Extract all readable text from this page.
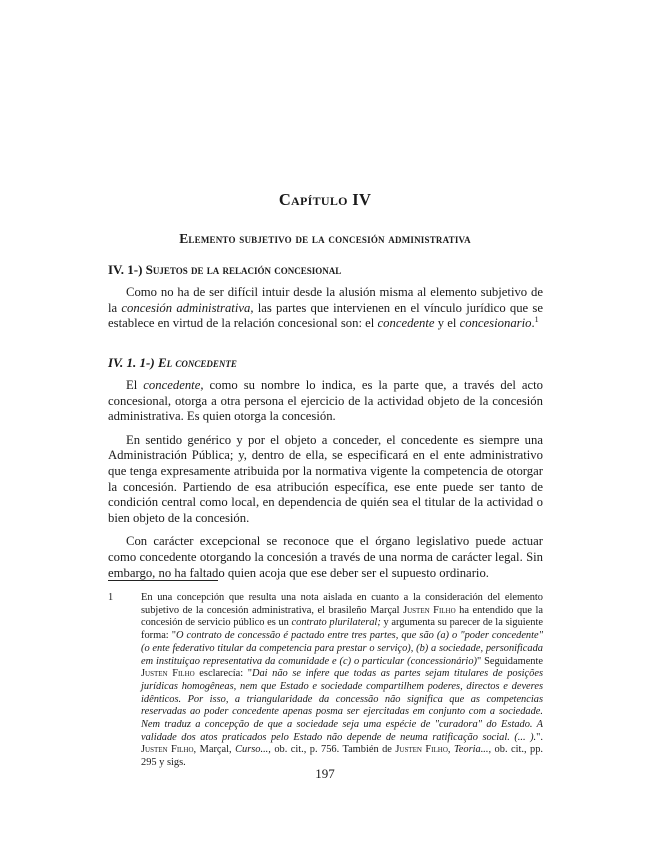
Capítulo IV
Elemento subjetivo de la concesión administrativa
IV. 1-) Sujetos de la relación concesional

Como no ha de ser difícil intuir desde la alusión misma al elemento subjetivo de la concesión administrativa, las partes que intervienen en el vínculo jurídico que se establece en virtud de la relación concesional son: el concedente y el concesionario.$^1$

IV. 1. 1-) El concedente

El concedente, como su nombre lo indica, es la parte que, a través del acto concesional, otorga a otra persona el ejercicio de la actividad objeto de la concesión administrativa. Es quien otorga la concesión.

En sentido genérico y por el objeto a conceder, el concedente es siempre una Administración Pública; y, dentro de ella, se especificará en el ente administrativo que tenga expresamente atribuida por la normativa vigente la competencia de otorgar la concesión. Partiendo de esa atribución específica, ese ente puede ser tanto de condición central como local, en dependencia de quién sea el titular de la actividad o bien objeto de la concesión.

Con carácter excepcional se reconoce que el órgano legislativo puede actuar como concedente otorgando la concesión a través de una norma de carácter legal. Sin embargo, no ha faltado quien acoja que ese deber ser el supuesto ordinario.

1	En una concepción que resulta una nota aislada en cuanto a la consideración del elemento subjetivo de la concesión administrativa, el brasileño Marçal Justen Filho ha entendido que la concesión de servicio público es un contrato plurilateral; y argumenta su parecer de la siguiente forma: "O contrato de concessão é pactado entre tres partes, que são (a) o "poder concedente" (o ente federativo titular da competencia para prestar o serviço), (b) a sociedade, personificada em instituiçao representativa da comunidade e (c) o particular (concessionário)" Seguidamente Justen Filho esclarecía: "Dai não se infere que todas as partes sejam titulares de posições jurídicas homogêneas, nem que Estado e sociedade compartilhem poderes, directos e deveres idênticos. Por isso, a triangularidade da concessão não significa que as competencias reservadas ao poder concedente apenas posma ser ejercitadas em conjunto com a sociedade. Nem traduz a concepção de que a sociedade seja uma espécie de "curadora" do Estado. A validade dos atos praticados pelo Estado não depende de neuma ratificação social. (... ).". Justen Filho, Marçal, Curso..., ob. cit., p. 756. También de Justen Filho, Teoria..., ob. cit., pp. 295 y sigs.
197
